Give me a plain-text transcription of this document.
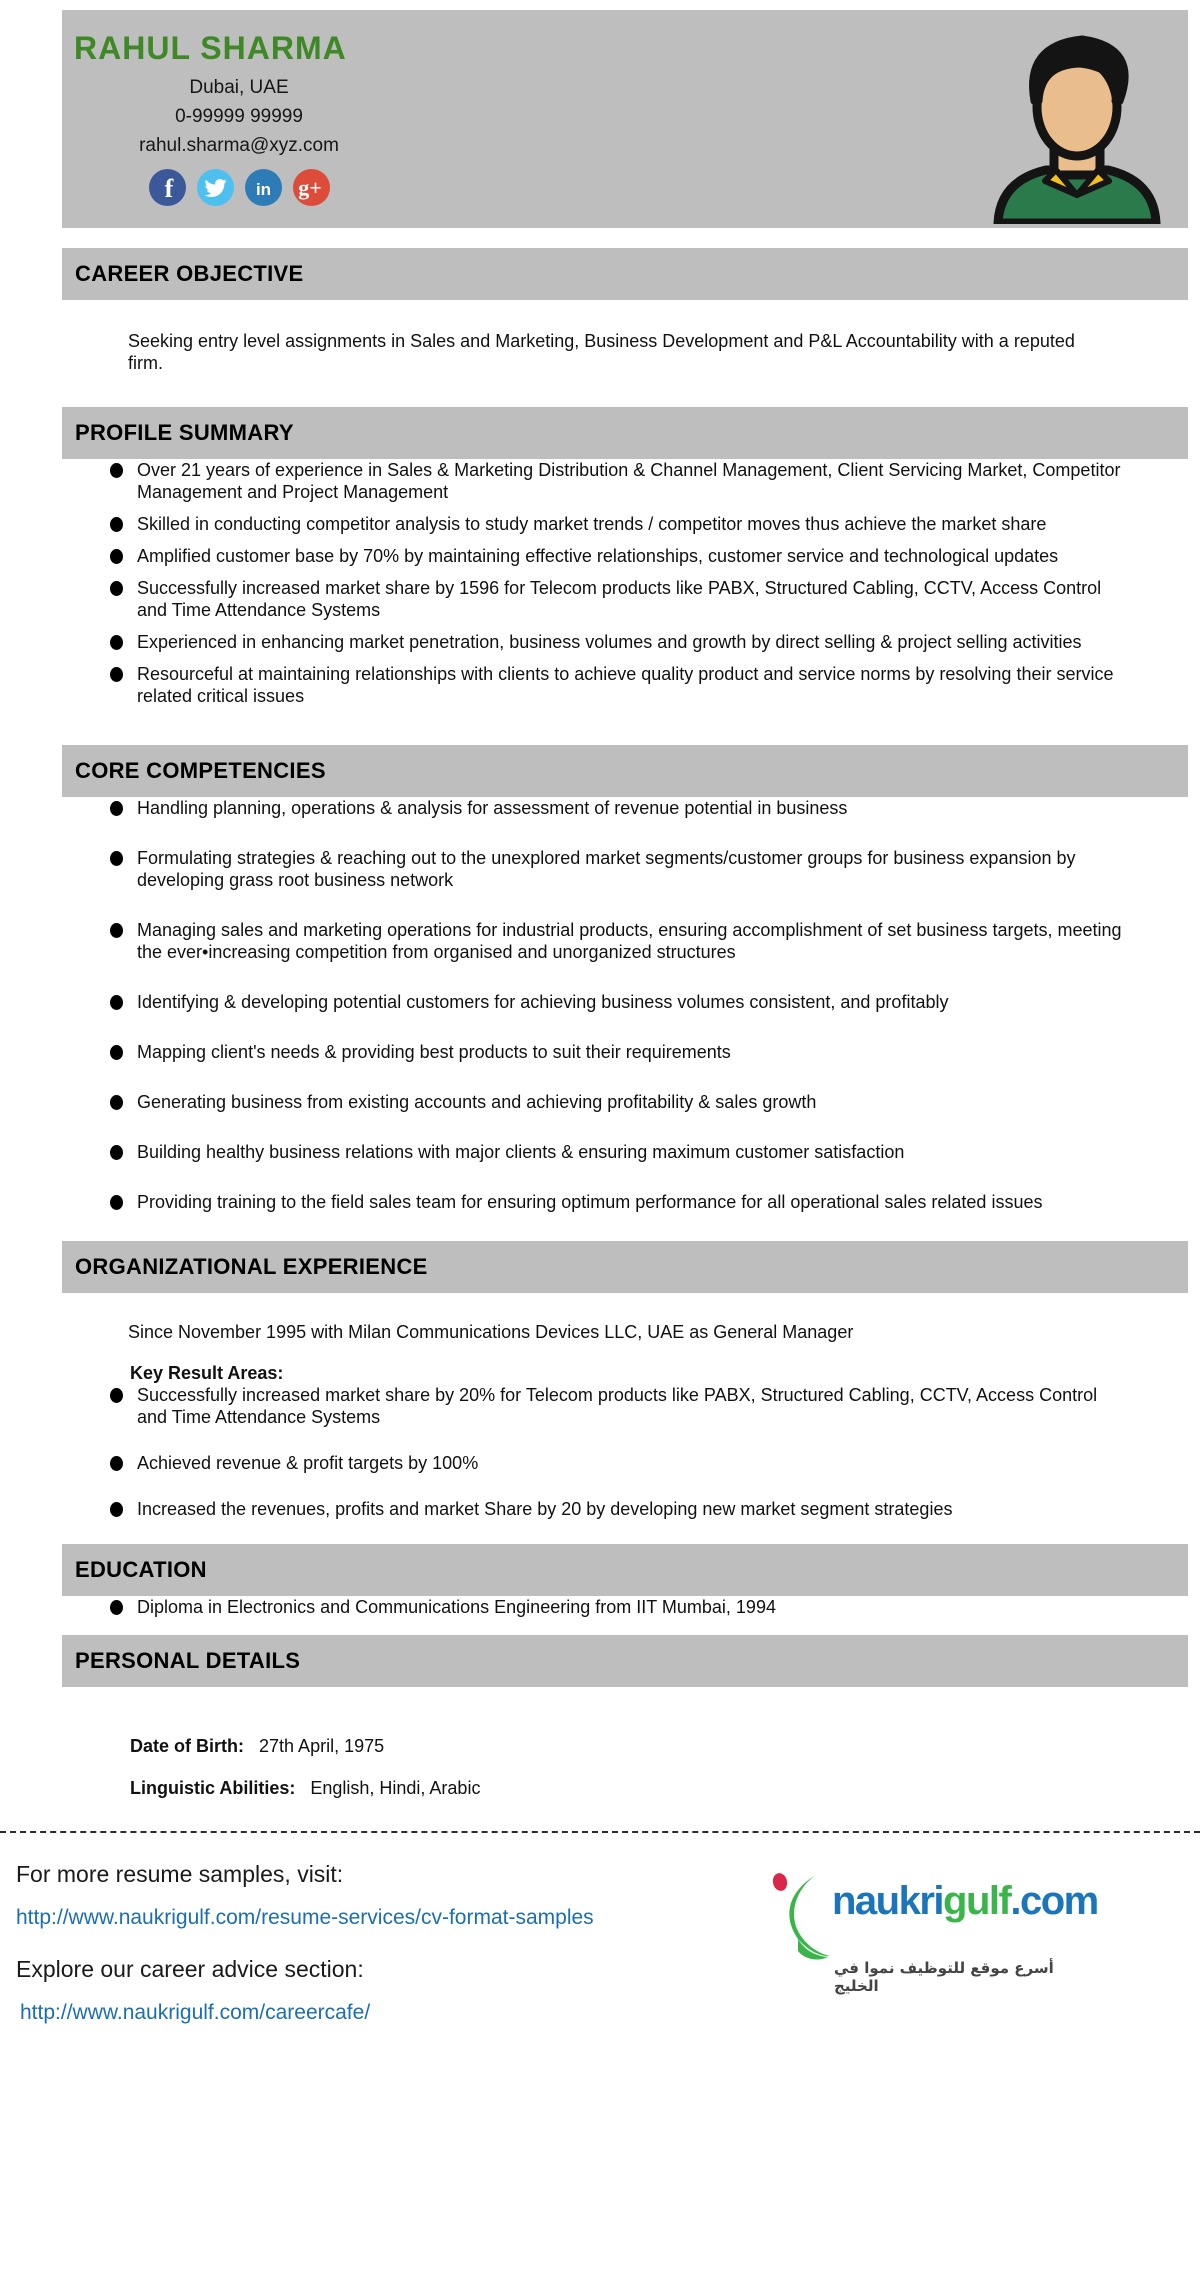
RAHUL SHARMA
Dubai, UAE
0-99999 99999
rahul.sharma@xyz.com
f	in g+
CAREER OBJECTIVE

Seeking entry level assignments in Sales and Marketing, Business Development and P&L Accountability with a reputed firm.

PROFILE SUMMARY
Over 21 years of experience in Sales & Marketing Distribution & Channel Management, Client Servicing Market, Competitor Management and Project Management
Skilled in conducting competitor analysis to study market trends / competitor moves thus achieve the market share
Amplified customer base by 70% by maintaining effective relationships, customer service and technological updates
Successfully increased market share by 1596 for Telecom products like PABX, Structured Cabling, CCTV, Access Control and Time Attendance Systems
Experienced in enhancing market penetration, business volumes and growth by direct selling & project selling activities
Resourceful at maintaining relationships with clients to achieve quality product and service norms by resolving their service related critical issues
CORE COMPETENCIES
Handling planning, operations & analysis for assessment of revenue potential in business
Formulating strategies & reaching out to the unexplored market segments/customer groups for business expansion by developing grass root business network
Managing sales and marketing operations for industrial products, ensuring accomplishment of set business targets, meeting the ever•increasing competition from organised and unorganized structures
Identifying & developing potential customers for achieving business volumes consistent, and profitably
Mapping client's needs & providing best products to suit their requirements
Generating business from existing accounts and achieving profitability & sales growth
Building healthy business relations with major clients & ensuring maximum customer satisfaction
Providing training to the field sales team for ensuring optimum performance for all operational sales related issues
ORGANIZATIONAL EXPERIENCE

Since November 1995 with Milan Communications Devices LLC, UAE as General Manager

Key Result Areas:

Successfully increased market share by 20% for Telecom products like PABX, Structured Cabling, CCTV, Access Control and Time Attendance Systems
Achieved revenue & profit targets by 100%
Increased the revenues, profits and market Share by 20 by developing new market segment strategies
EDUCATION
Diploma in Electronics and Communications Engineering from IIT Mumbai, 1994
PERSONAL DETAILS
Date of Birth: 27th April, 1975
Linguistic Abilities: English, Hindi, Arabic

For more resume samples, visit:

http://www.naukrigulf.com/resume-services/cv-format-samples

Explore our career advice section:

http://www.naukrigulf.com/careercafe/
naukrigulf.com
أسرع موقع للتوظيف نموا في الخليج
